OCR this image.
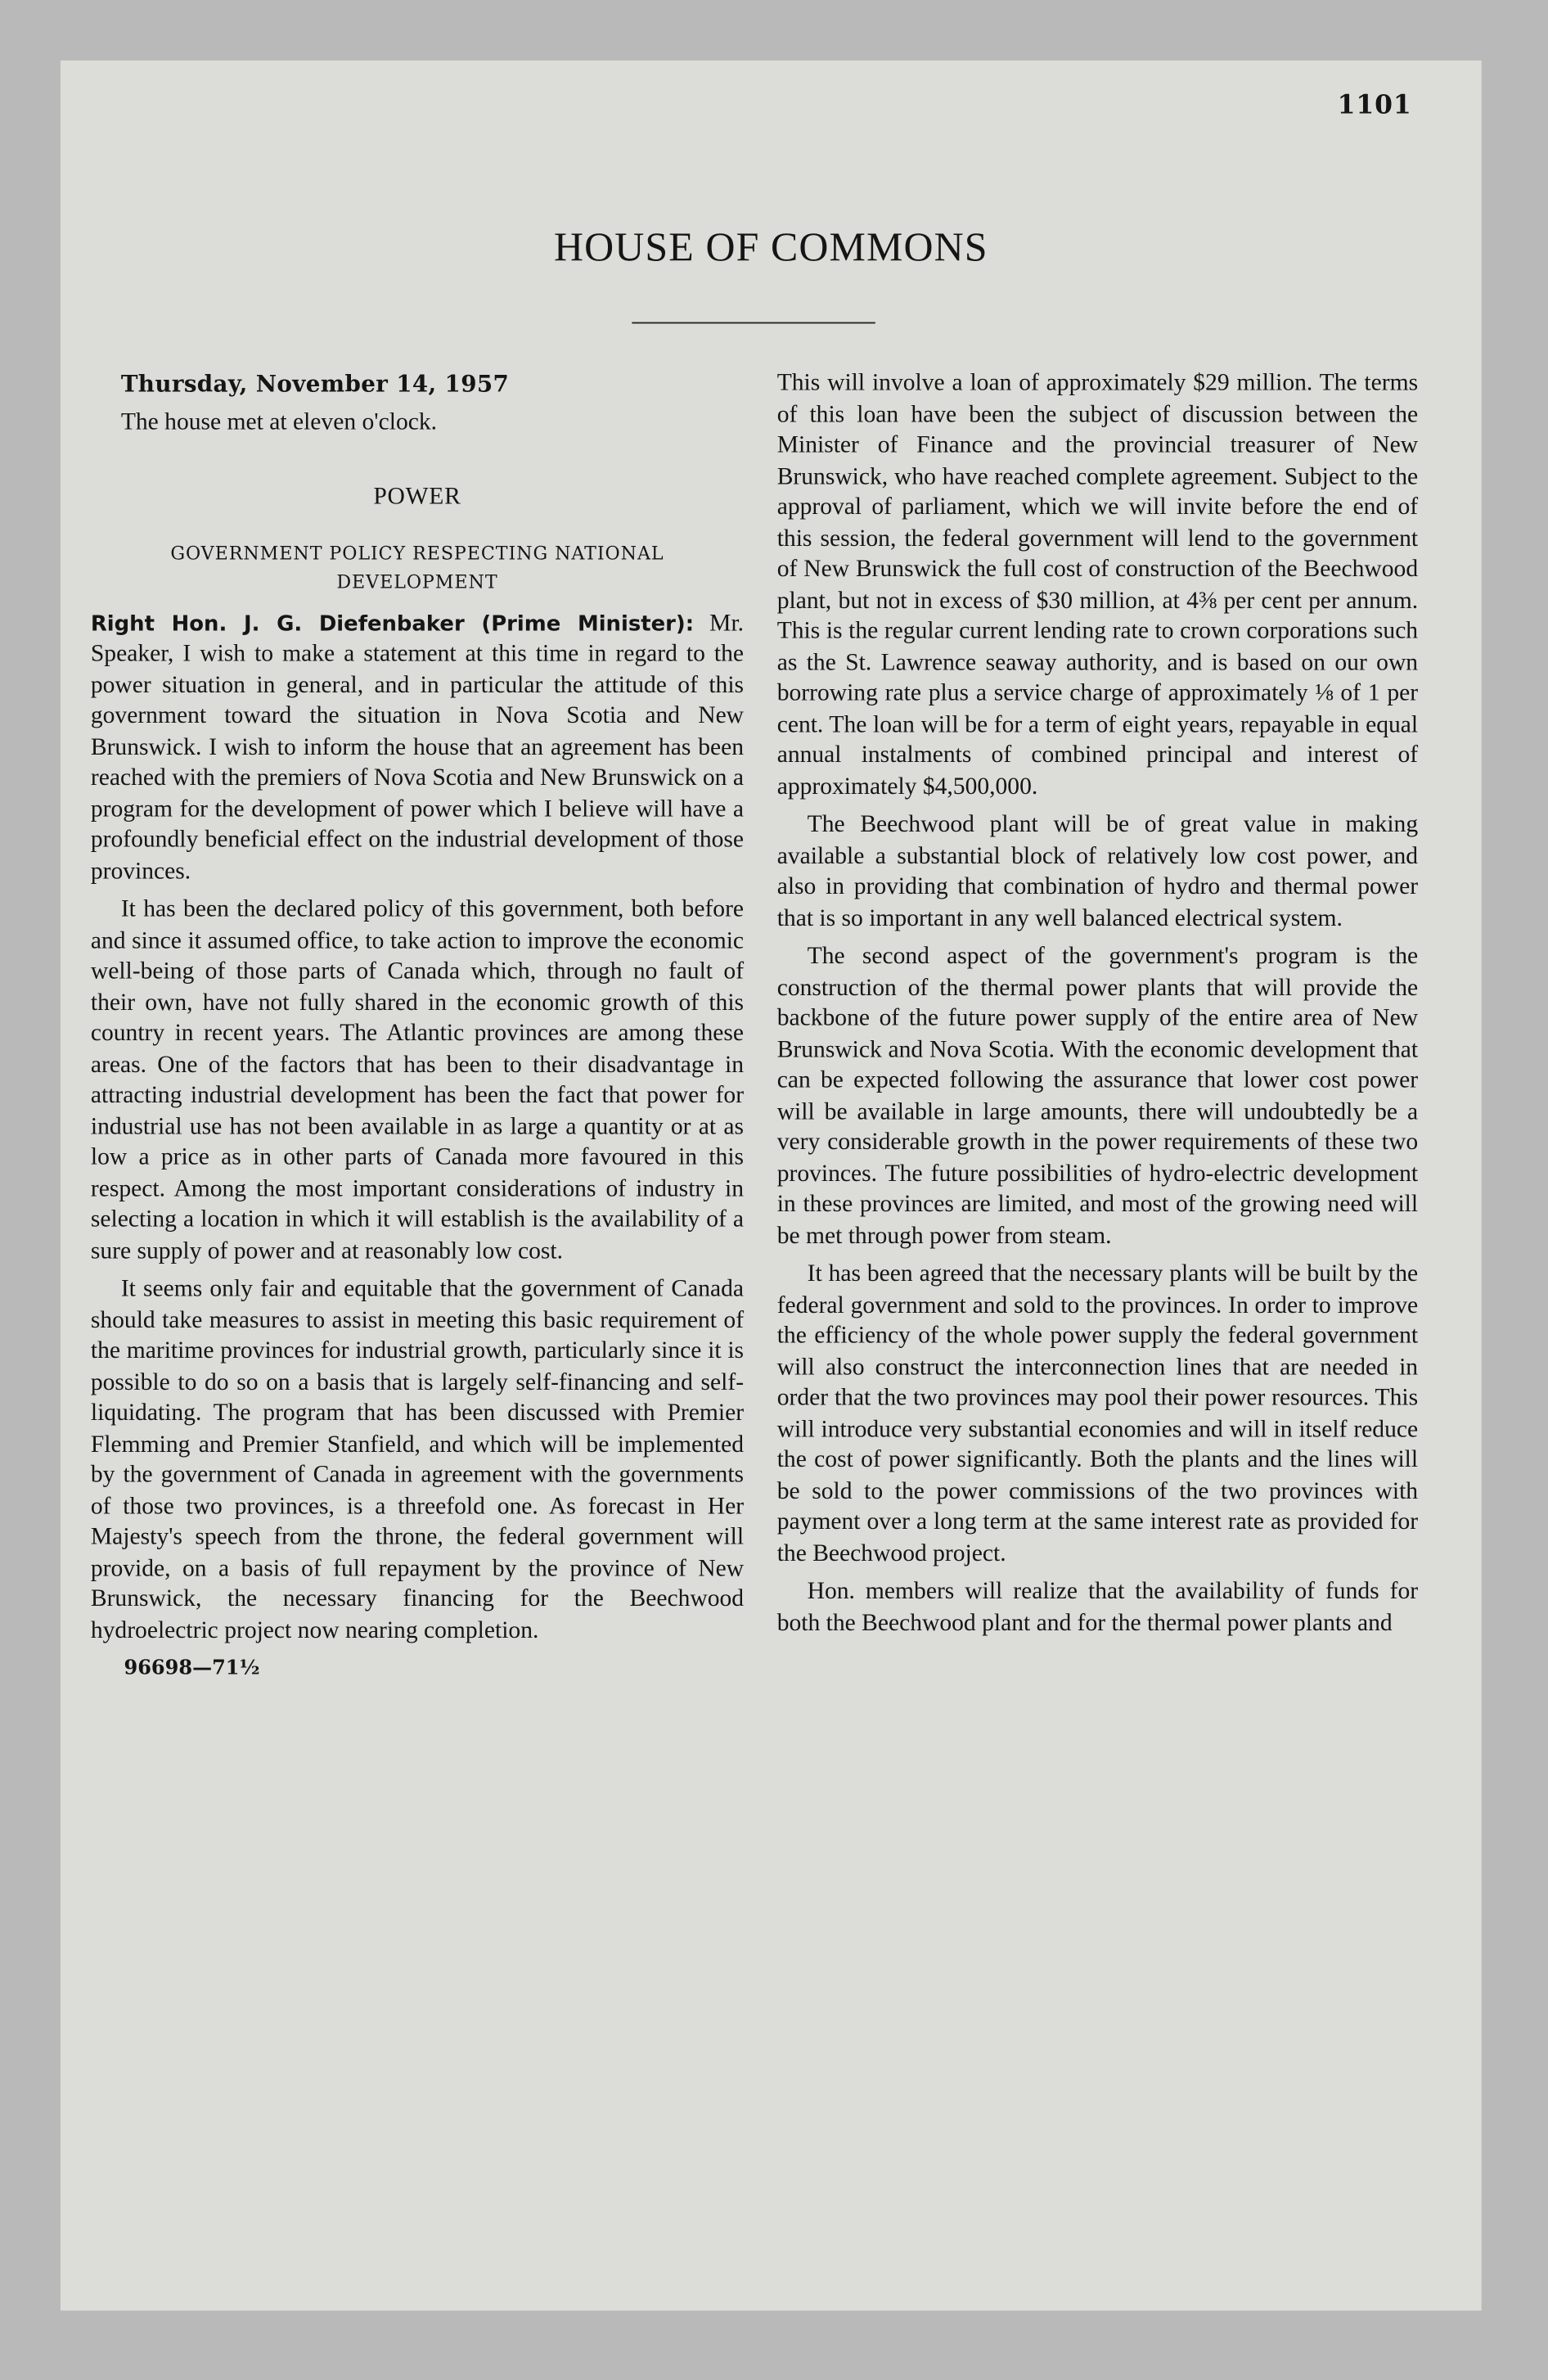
1101
HOUSE OF COMMONS

Thursday, November 14, 1957

The house met at eleven o'clock.

POWER
GOVERNMENT POLICY RESPECTING NATIONAL DEVELOPMENT

Right Hon. J. G. Diefenbaker (Prime Minister): Mr. Speaker, I wish to make a statement at this time in regard to the power situation in general, and in particular the attitude of this government toward the situation in Nova Scotia and New Brunswick. I wish to inform the house that an agreement has been reached with the premiers of Nova Scotia and New Brunswick on a program for the development of power which I believe will have a profoundly beneficial effect on the industrial development of those provinces.

It has been the declared policy of this government, both before and since it assumed office, to take action to improve the economic well-being of those parts of Canada which, through no fault of their own, have not fully shared in the economic growth of this country in recent years. The Atlantic provinces are among these areas. One of the factors that has been to their disadvantage in attracting industrial development has been the fact that power for industrial use has not been available in as large a quantity or at as low a price as in other parts of Canada more favoured in this respect. Among the most important considerations of industry in selecting a location in which it will establish is the availability of a sure supply of power and at reasonably low cost.

It seems only fair and equitable that the government of Canada should take measures to assist in meeting this basic requirement of the maritime provinces for industrial growth, particularly since it is possible to do so on a basis that is largely self-financing and self-liquidating. The program that has been discussed with Premier Flemming and Premier Stanfield, and which will be implemented by the government of Canada in agreement with the governments of those two provinces, is a threefold one. As forecast in Her Majesty's speech from the throne, the federal government will provide, on a basis of full repayment by the province of New Brunswick, the necessary financing for the Beechwood hydroelectric project now nearing completion.

96698—71½

This will involve a loan of approximately $29 million. The terms of this loan have been the subject of discussion between the Minister of Finance and the provincial treasurer of New Brunswick, who have reached complete agreement. Subject to the approval of parliament, which we will invite before the end of this session, the federal government will lend to the government of New Brunswick the full cost of construction of the Beechwood plant, but not in excess of $30 million, at 4⅜ per cent per annum. This is the regular current lending rate to crown corporations such as the St. Lawrence seaway authority, and is based on our own borrowing rate plus a service charge of approximately ⅛ of 1 per cent. The loan will be for a term of eight years, repayable in equal annual instalments of combined principal and interest of approximately $4,500,000.

The Beechwood plant will be of great value in making available a substantial block of relatively low cost power, and also in providing that combination of hydro and thermal power that is so important in any well balanced electrical system.

The second aspect of the government's program is the construction of the thermal power plants that will provide the backbone of the future power supply of the entire area of New Brunswick and Nova Scotia. With the economic development that can be expected following the assurance that lower cost power will be available in large amounts, there will undoubtedly be a very considerable growth in the power requirements of these two provinces. The future possibilities of hydro-electric development in these provinces are limited, and most of the growing need will be met through power from steam.

It has been agreed that the necessary plants will be built by the federal government and sold to the provinces. In order to improve the efficiency of the whole power supply the federal government will also construct the interconnection lines that are needed in order that the two provinces may pool their power resources. This will introduce very substantial economies and will in itself reduce the cost of power significantly. Both the plants and the lines will be sold to the power commissions of the two provinces with payment over a long term at the same interest rate as provided for the Beechwood project.

Hon. members will realize that the availability of funds for both the Beechwood plant and for the thermal power plants and
